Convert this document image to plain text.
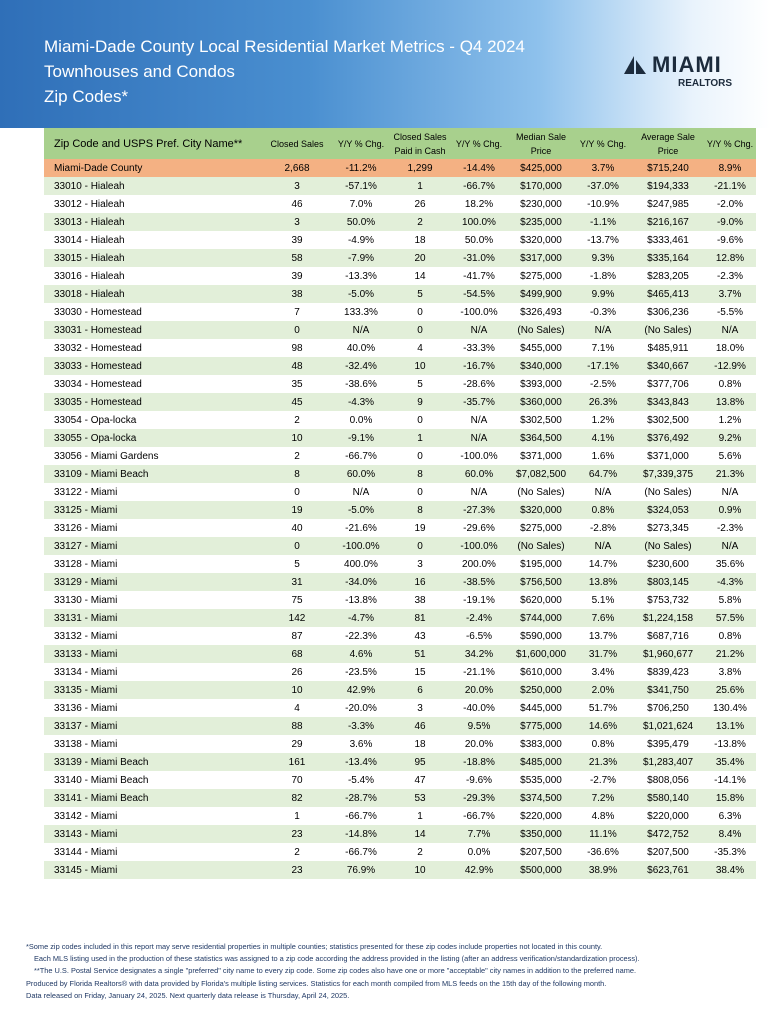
Miami-Dade County Local Residential Market Metrics - Q4 2024
Townhouses and Condos
Zip Codes*
MIAMI
REALTORS
Zip Code and USPS Pref. City Name**	Closed Sales	Y/Y % Chg.	Closed Sales Paid in Cash	Y/Y % Chg.	Median Sale Price	Y/Y % Chg.	Average Sale Price	Y/Y % Chg.
Miami-Dade County	2,668	-11.2%	1,299	-14.4%	$425,000	3.7%	$715,240	8.9%
33010 - Hialeah	3	-57.1%	1	-66.7%	$170,000	-37.0%	$194,333	-21.1%
33012 - Hialeah	46	7.0%	26	18.2%	$230,000	-10.9%	$247,985	-2.0%
33013 - Hialeah	3	50.0%	2	100.0%	$235,000	-1.1%	$216,167	-9.0%
33014 - Hialeah	39	-4.9%	18	50.0%	$320,000	-13.7%	$333,461	-9.6%
33015 - Hialeah	58	-7.9%	20	-31.0%	$317,000	9.3%	$335,164	12.8%
33016 - Hialeah	39	-13.3%	14	-41.7%	$275,000	-1.8%	$283,205	-2.3%
33018 - Hialeah	38	-5.0%	5	-54.5%	$499,900	9.9%	$465,413	3.7%
33030 - Homestead	7	133.3%	0	-100.0%	$326,493	-0.3%	$306,236	-5.5%
33031 - Homestead	0	N/A	0	N/A	(No Sales)	N/A	(No Sales)	N/A
33032 - Homestead	98	40.0%	4	-33.3%	$455,000	7.1%	$485,911	18.0%
33033 - Homestead	48	-32.4%	10	-16.7%	$340,000	-17.1%	$340,667	-12.9%
33034 - Homestead	35	-38.6%	5	-28.6%	$393,000	-2.5%	$377,706	0.8%
33035 - Homestead	45	-4.3%	9	-35.7%	$360,000	26.3%	$343,843	13.8%
33054 - Opa-locka	2	0.0%	0	N/A	$302,500	1.2%	$302,500	1.2%
33055 - Opa-locka	10	-9.1%	1	N/A	$364,500	4.1%	$376,492	9.2%
33056 - Miami Gardens	2	-66.7%	0	-100.0%	$371,000	1.6%	$371,000	5.6%
33109 - Miami Beach	8	60.0%	8	60.0%	$7,082,500	64.7%	$7,339,375	21.3%
33122 - Miami	0	N/A	0	N/A	(No Sales)	N/A	(No Sales)	N/A
33125 - Miami	19	-5.0%	8	-27.3%	$320,000	0.8%	$324,053	0.9%
33126 - Miami	40	-21.6%	19	-29.6%	$275,000	-2.8%	$273,345	-2.3%
33127 - Miami	0	-100.0%	0	-100.0%	(No Sales)	N/A	(No Sales)	N/A
33128 - Miami	5	400.0%	3	200.0%	$195,000	14.7%	$230,600	35.6%
33129 - Miami	31	-34.0%	16	-38.5%	$756,500	13.8%	$803,145	-4.3%
33130 - Miami	75	-13.8%	38	-19.1%	$620,000	5.1%	$753,732	5.8%
33131 - Miami	142	-4.7%	81	-2.4%	$744,000	7.6%	$1,224,158	57.5%
33132 - Miami	87	-22.3%	43	-6.5%	$590,000	13.7%	$687,716	0.8%
33133 - Miami	68	4.6%	51	34.2%	$1,600,000	31.7%	$1,960,677	21.2%
33134 - Miami	26	-23.5%	15	-21.1%	$610,000	3.4%	$839,423	3.8%
33135 - Miami	10	42.9%	6	20.0%	$250,000	2.0%	$341,750	25.6%
33136 - Miami	4	-20.0%	3	-40.0%	$445,000	51.7%	$706,250	130.4%
33137 - Miami	88	-3.3%	46	9.5%	$775,000	14.6%	$1,021,624	13.1%
33138 - Miami	29	3.6%	18	20.0%	$383,000	0.8%	$395,479	-13.8%
33139 - Miami Beach	161	-13.4%	95	-18.8%	$485,000	21.3%	$1,283,407	35.4%
33140 - Miami Beach	70	-5.4%	47	-9.6%	$535,000	-2.7%	$808,056	-14.1%
33141 - Miami Beach	82	-28.7%	53	-29.3%	$374,500	7.2%	$580,140	15.8%
33142 - Miami	1	-66.7%	1	-66.7%	$220,000	4.8%	$220,000	6.3%
33143 - Miami	23	-14.8%	14	7.7%	$350,000	11.1%	$472,752	8.4%
33144 - Miami	2	-66.7%	2	0.0%	$207,500	-36.6%	$207,500	-35.3%
33145 - Miami	23	76.9%	10	42.9%	$500,000	38.9%	$623,761	38.4%
*Some zip codes included in this report may serve residential properties in multiple counties; statistics presented for these zip codes include properties not located in this county.
Each MLS listing used in the production of these statistics was assigned to a zip code according the address provided in the listing (after an address verification/standardization process).
**The U.S. Postal Service designates a single "preferred" city name to every zip code. Some zip codes also have one or more "acceptable" city names in addition to the preferred name.
Produced by Florida Realtors® with data provided by Florida's multiple listing services. Statistics for each month compiled from MLS feeds on the 15th day of the following month.
Data released on Friday, January 24, 2025. Next quarterly data release is Thursday, April 24, 2025.
